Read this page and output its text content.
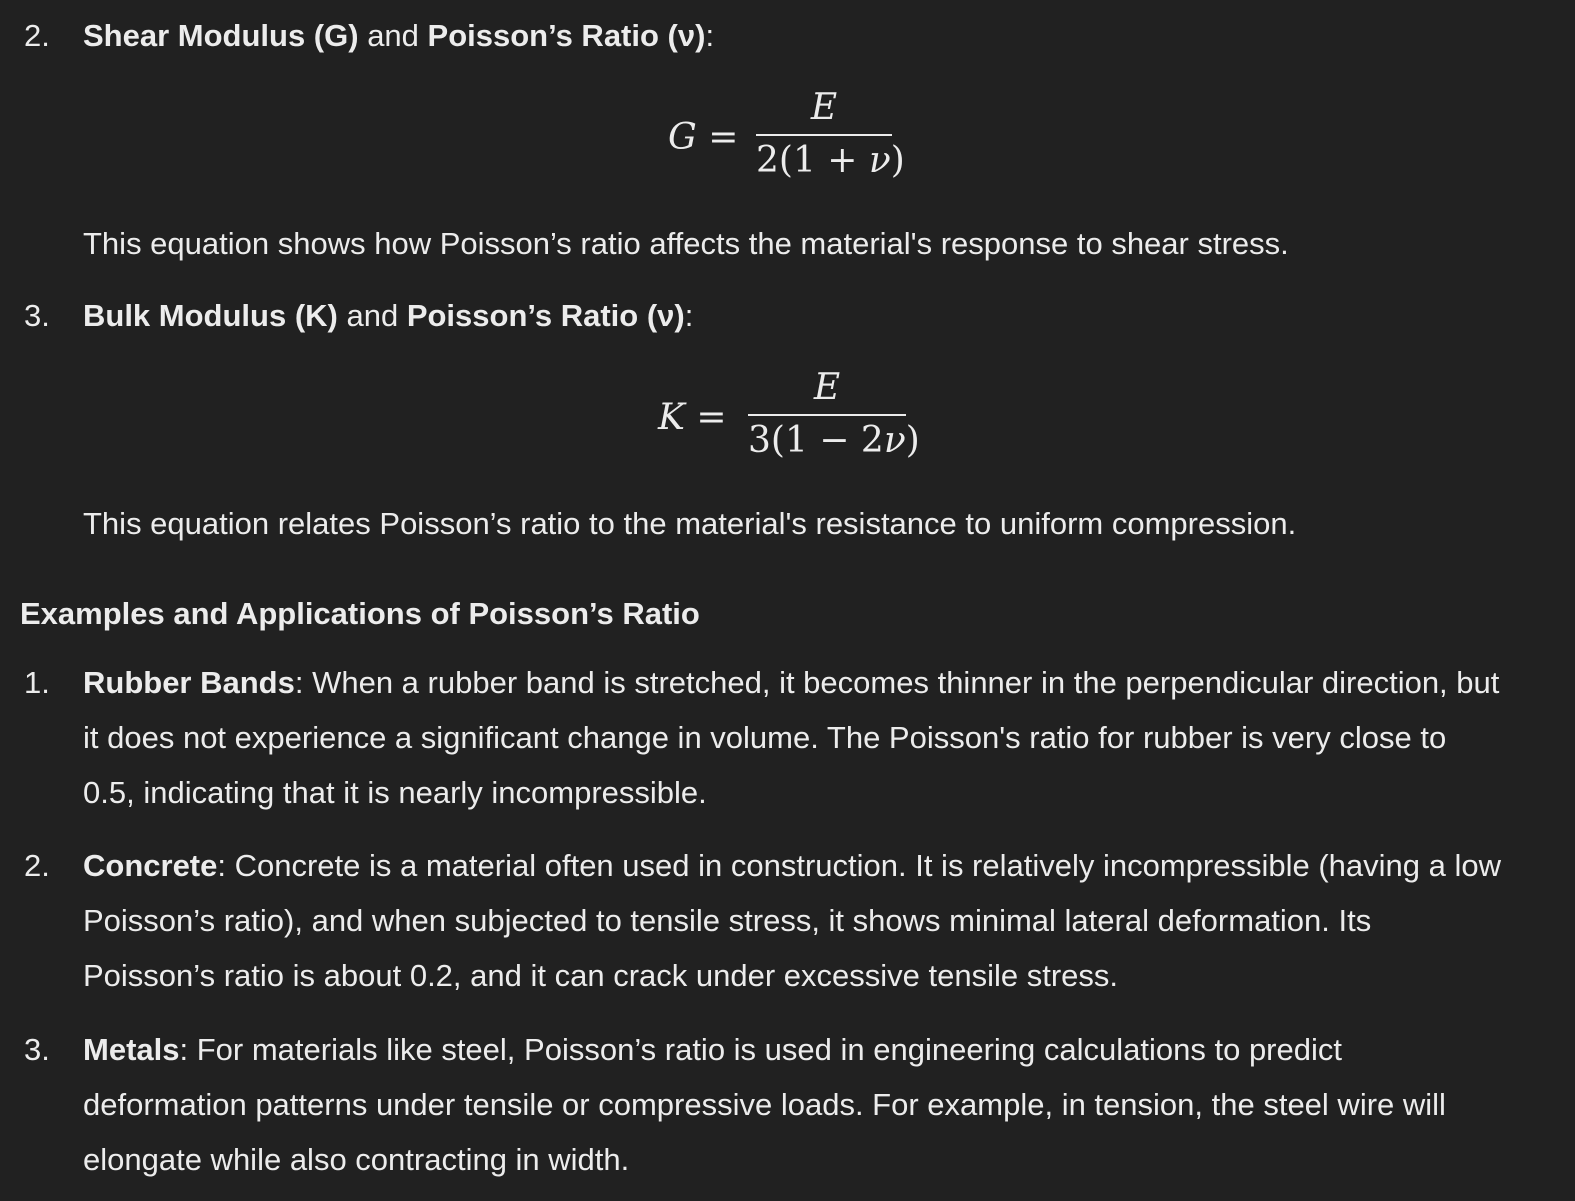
2.	Shear Modulus (G) and Poisson’s Ratio (ν):
G =
E
2(1 + ν)
This equation shows how Poisson’s ratio affects the material's response to shear stress.
3.	Bulk Modulus (K) and Poisson’s Ratio (ν):
K =
E
3(1 − 2ν)
This equation relates Poisson’s ratio to the material's resistance to uniform compression.
Examples and Applications of Poisson’s Ratio
1.	Rubber Bands: When a rubber band is stretched, it becomes thinner in the perpendicular direction, but it does not experience a significant change in volume. The Poisson's ratio for rubber is very close to 0.5, indicating that it is nearly incompressible.
2.	Concrete: Concrete is a material often used in construction. It is relatively incompressible (having a low Poisson’s ratio), and when subjected to tensile stress, it shows minimal lateral deformation. Its Poisson’s ratio is about 0.2, and it can crack under excessive tensile stress.
3.	Metals: For materials like steel, Poisson’s ratio is used in engineering calculations to predict deformation patterns under tensile or compressive loads. For example, in tension, the steel wire will elongate while also contracting in width.
